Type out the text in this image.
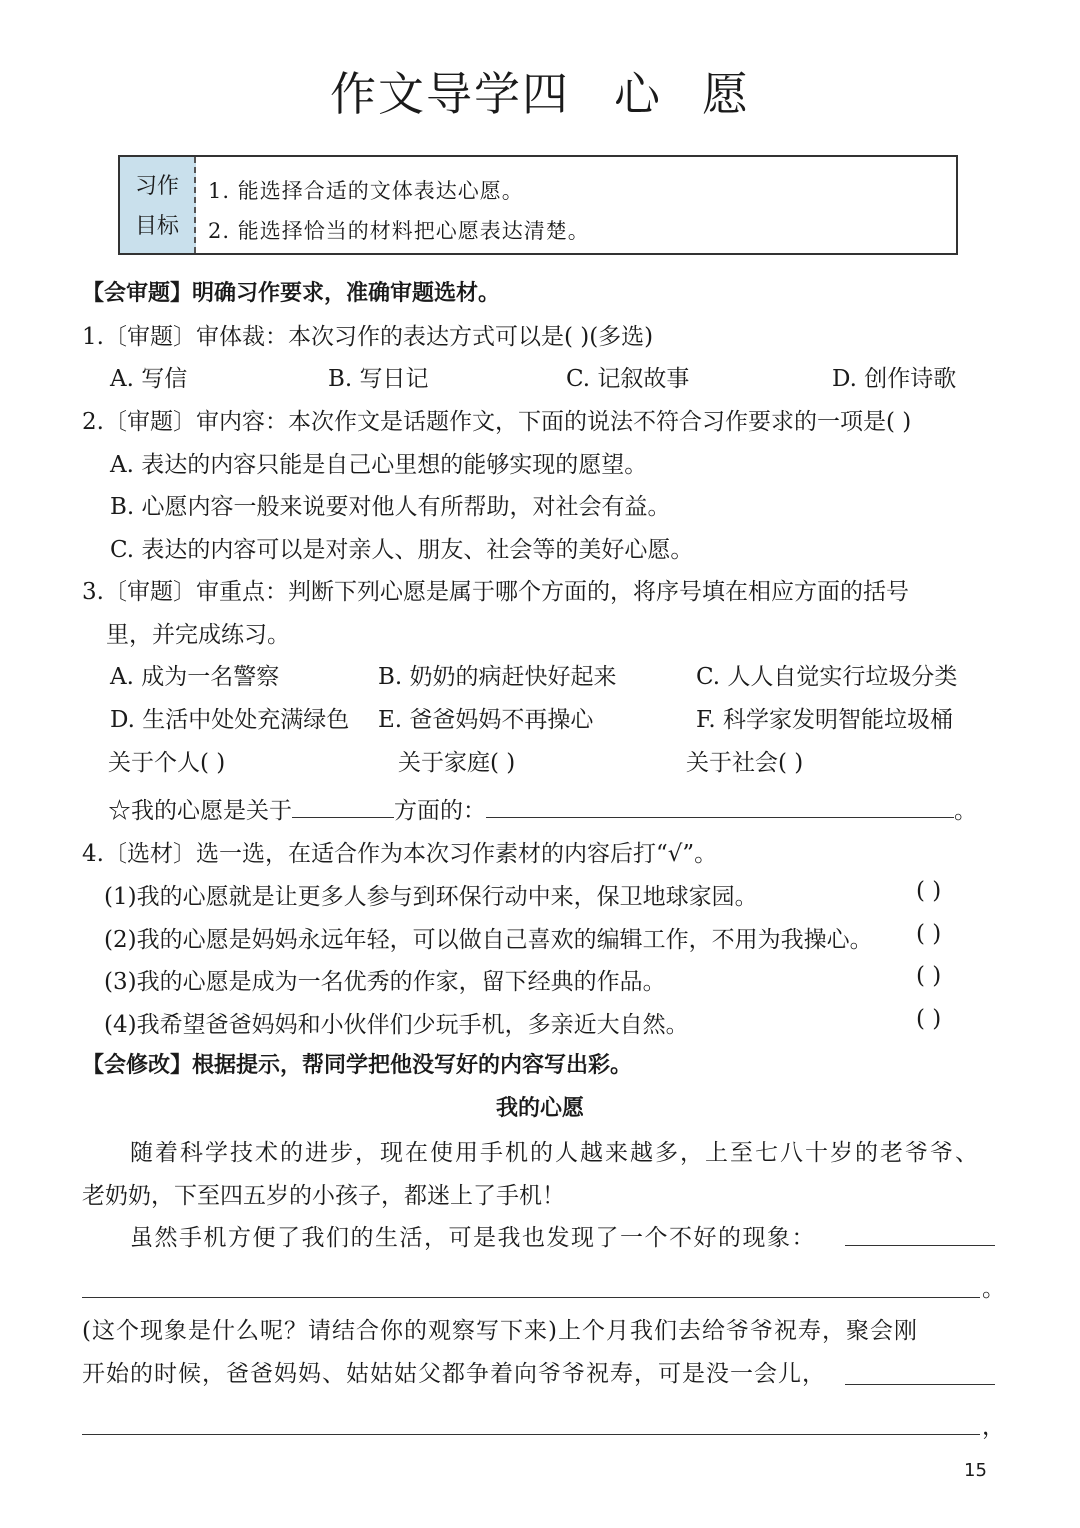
作文导学四 心 愿
习作
目标
1. 能选择合适的文体表达心愿。
2. 能选择恰当的材料把心愿表达清楚。
【会审题】明确习作要求，准确审题选材。
1.〔审题〕审体裁：本次习作的表达方式可以是( )(多选)
A. 写信	B. 写日记	C. 记叙故事	D. 创作诗歌
2.〔审题〕审内容：本次作文是话题作文，下面的说法不符合习作要求的一项是( )
A. 表达的内容只能是自己心里想的能够实现的愿望。
B. 心愿内容一般来说要对他人有所帮助，对社会有益。
C. 表达的内容可以是对亲人、朋友、社会等的美好心愿。
3.〔审题〕审重点：判断下列心愿是属于哪个方面的，将序号填在相应方面的括号
里，并完成练习。
A. 成为一名警察	B. 奶奶的病赶快好起来	C. 人人自觉实行垃圾分类
D. 生活中处处充满绿色 E. 爸爸妈妈不再操心	F. 科学家发明智能垃圾桶
关于个人( )	关于家庭( )	关于社会( )
☆我的心愿是关于	方面的：	。
4.〔选材〕选一选，在适合作为本次习作素材的内容后打“√”。
(1)我的心愿就是让更多人参与到环保行动中来，保卫地球家园。	( )
(2)我的心愿是妈妈永远年轻，可以做自己喜欢的编辑工作，不用为我操心。 ( )
(3)我的心愿是成为一名优秀的作家，留下经典的作品。	( )
(4)我希望爸爸妈妈和小伙伴们少玩手机，多亲近大自然。	( )
【会修改】根据提示，帮同学把他没写好的内容写出彩。
我的心愿
随着科学技术的进步，现在使用手机的人越来越多，上至七八十岁的老爷爷、
老奶奶，下至四五岁的小孩子，都迷上了手机！
虽然手机方便了我们的生活，可是我也发现了一个不好的现象：
。
(这个现象是什么呢？请结合你的观察写下来)上个月我们去给爷爷祝寿，聚会刚
开始的时候，爸爸妈妈、姑姑姑父都争着向爷爷祝寿，可是没一会儿，
，
15
